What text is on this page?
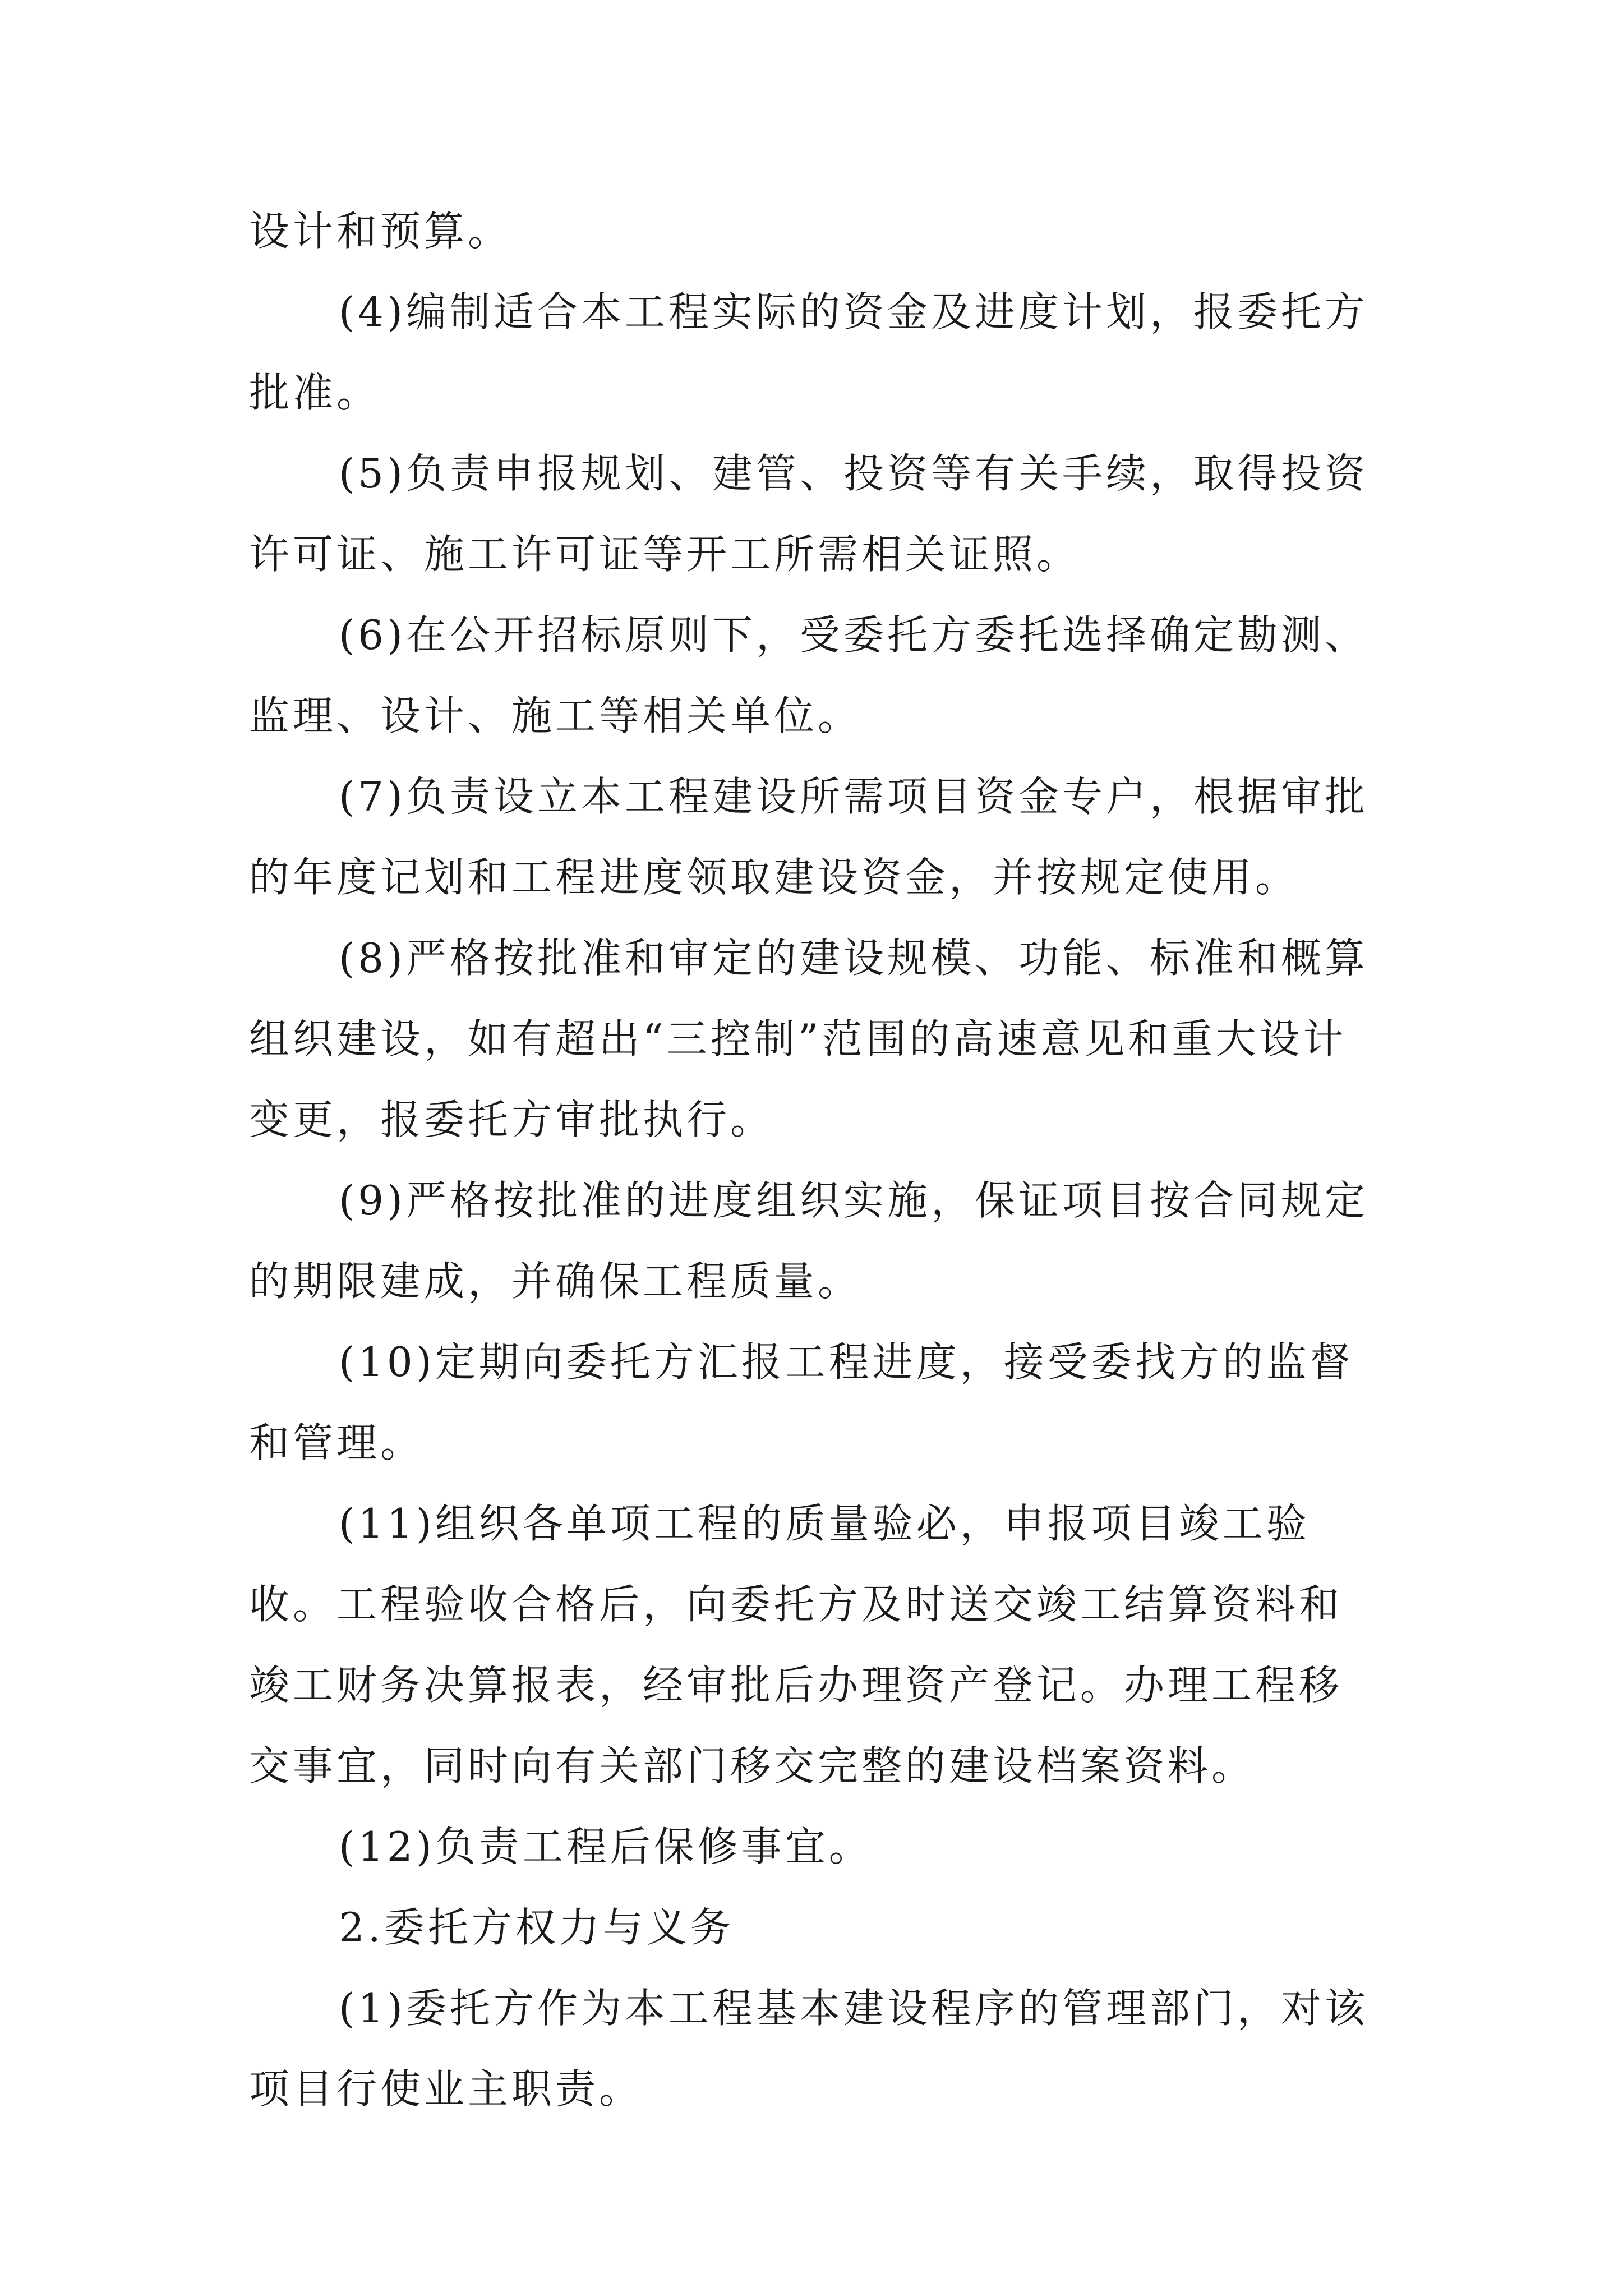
设计和预算。

(4)编制适合本工程实际的资金及进度计划，报委托方批准。

(5)负责申报规划、建管、投资等有关手续，取得投资许可证、施工许可证等开工所需相关证照。

(6)在公开招标原则下，受委托方委托选择确定勘测、监理、设计、施工等相关单位。

(7)负责设立本工程建设所需项目资金专户，根据审批的年度记划和工程进度领取建设资金，并按规定使用。

(8)严格按批准和审定的建设规模、功能、标准和概算组织建设，如有超出“三控制”范围的高速意见和重大设计变更，报委托方审批执行。

(9)严格按批准的进度组织实施，保证项目按合同规定的期限建成，并确保工程质量。

(10)定期向委托方汇报工程进度，接受委找方的监督和管理。

(11)组织各单项工程的质量验必，申报项目竣工验收。工程验收合格后，向委托方及时送交竣工结算资料和竣工财务决算报表，经审批后办理资产登记。办理工程移交事宜，同时向有关部门移交完整的建设档案资料。

(12)负责工程后保修事宜。

2.委托方权力与义务

(1)委托方作为本工程基本建设程序的管理部门，对该项目行使业主职责。
